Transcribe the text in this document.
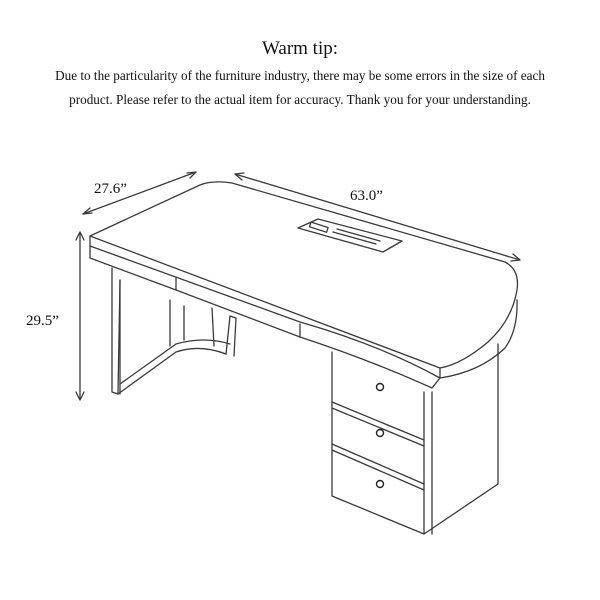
Warm tip:
Due to the particularity of the furniture industry, there may be some errors in the size of each
product. Please refer to the actual item for accuracy. Thank you for your understanding.
27.6”	63.0”
29.5”
